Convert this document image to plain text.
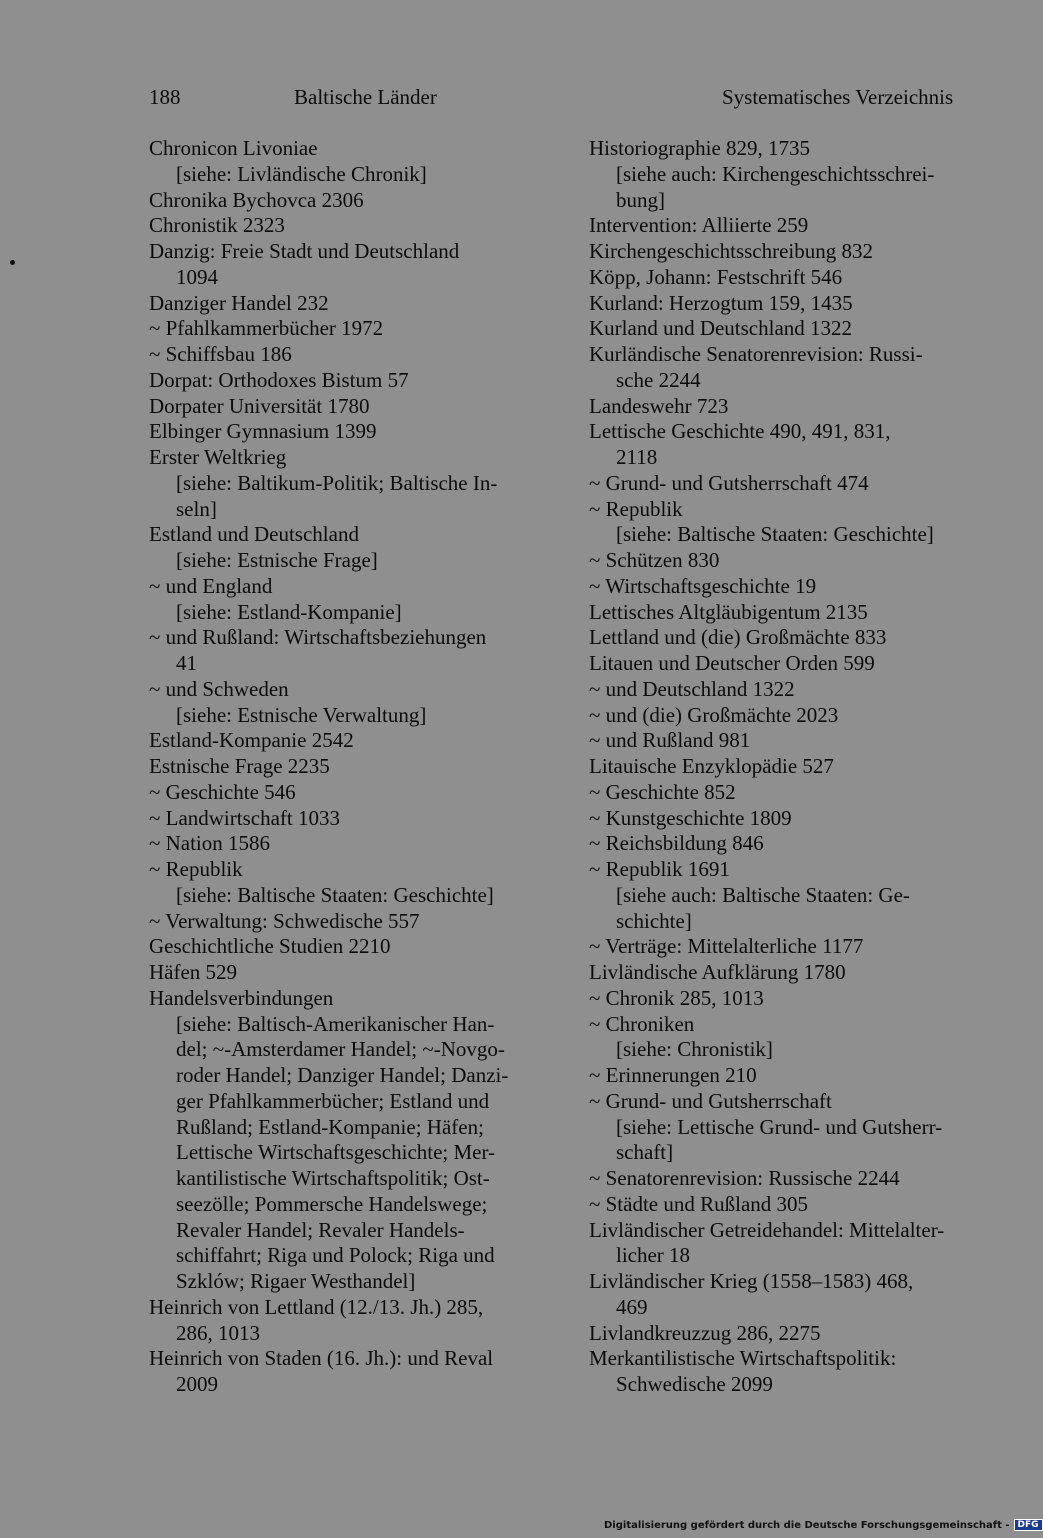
188	Baltische Länder	Systematisches Verzeichnis
Chronicon Livoniae
[siehe: Livländische Chronik]
Chronika Bychovca 2306
Chronistik 2323
Danzig: Freie Stadt und Deutschland
1094
Danziger Handel 232
~ Pfahlkammerbücher 1972
~ Schiffsbau 186
Dorpat: Orthodoxes Bistum 57
Dorpater Universität 1780
Elbinger Gymnasium 1399
Erster Weltkrieg
[siehe: Baltikum-Politik; Baltische In-
seln]
Estland und Deutschland
[siehe: Estnische Frage]
~ und England
[siehe: Estland-Kompanie]
~ und Rußland: Wirtschaftsbeziehungen
41
~ und Schweden
[siehe: Estnische Verwaltung]
Estland-Kompanie 2542
Estnische Frage 2235
~ Geschichte 546
~ Landwirtschaft 1033
~ Nation 1586
~ Republik
[siehe: Baltische Staaten: Geschichte]
~ Verwaltung: Schwedische 557
Geschichtliche Studien 2210
Häfen 529
Handelsverbindungen
[siehe: Baltisch-Amerikanischer Han-
del; ~-Amsterdamer Handel; ~-Novgo-
roder Handel; Danziger Handel; Danzi-
ger Pfahlkammerbücher; Estland und
Rußland; Estland-Kompanie; Häfen;
Lettische Wirtschaftsgeschichte; Mer-
kantilistische Wirtschaftspolitik; Ost-
seezölle; Pommersche Handelswege;
Revaler Handel; Revaler Handels-
schiffahrt; Riga und Polock; Riga und
Szklów; Rigaer Westhandel]
Heinrich von Lettland (12./13. Jh.) 285,
286, 1013
Heinrich von Staden (16. Jh.): und Reval
2009
Historiographie 829, 1735
[siehe auch: Kirchengeschichtsschrei-
bung]
Intervention: Alliierte 259
Kirchengeschichtsschreibung 832
Köpp, Johann: Festschrift 546
Kurland: Herzogtum 159, 1435
Kurland und Deutschland 1322
Kurländische Senatorenrevision: Russi-
sche 2244
Landeswehr 723
Lettische Geschichte 490, 491, 831,
2118
~ Grund- und Gutsherrschaft 474
~ Republik
[siehe: Baltische Staaten: Geschichte]
~ Schützen 830
~ Wirtschaftsgeschichte 19
Lettisches Altgläubigentum 2135
Lettland und (die) Großmächte 833
Litauen und Deutscher Orden 599
~ und Deutschland 1322
~ und (die) Großmächte 2023
~ und Rußland 981
Litauische Enzyklopädie 527
~ Geschichte 852
~ Kunstgeschichte 1809
~ Reichsbildung 846
~ Republik 1691
[siehe auch: Baltische Staaten: Ge-
schichte]
~ Verträge: Mittelalterliche 1177
Livländische Aufklärung 1780
~ Chronik 285, 1013
~ Chroniken
[siehe: Chronistik]
~ Erinnerungen 210
~ Grund- und Gutsherrschaft
[siehe: Lettische Grund- und Gutsherr-
schaft]
~ Senatorenrevision: Russische 2244
~ Städte und Rußland 305
Livländischer Getreidehandel: Mittelalter-
licher 18
Livländischer Krieg (1558–1583) 468,
469
Livlandkreuzzug 286, 2275
Merkantilistische Wirtschaftspolitik:
Schwedische 2099
Digitalisierung gefördert durch die Deutsche Forschungsgemeinschaft - DFG
